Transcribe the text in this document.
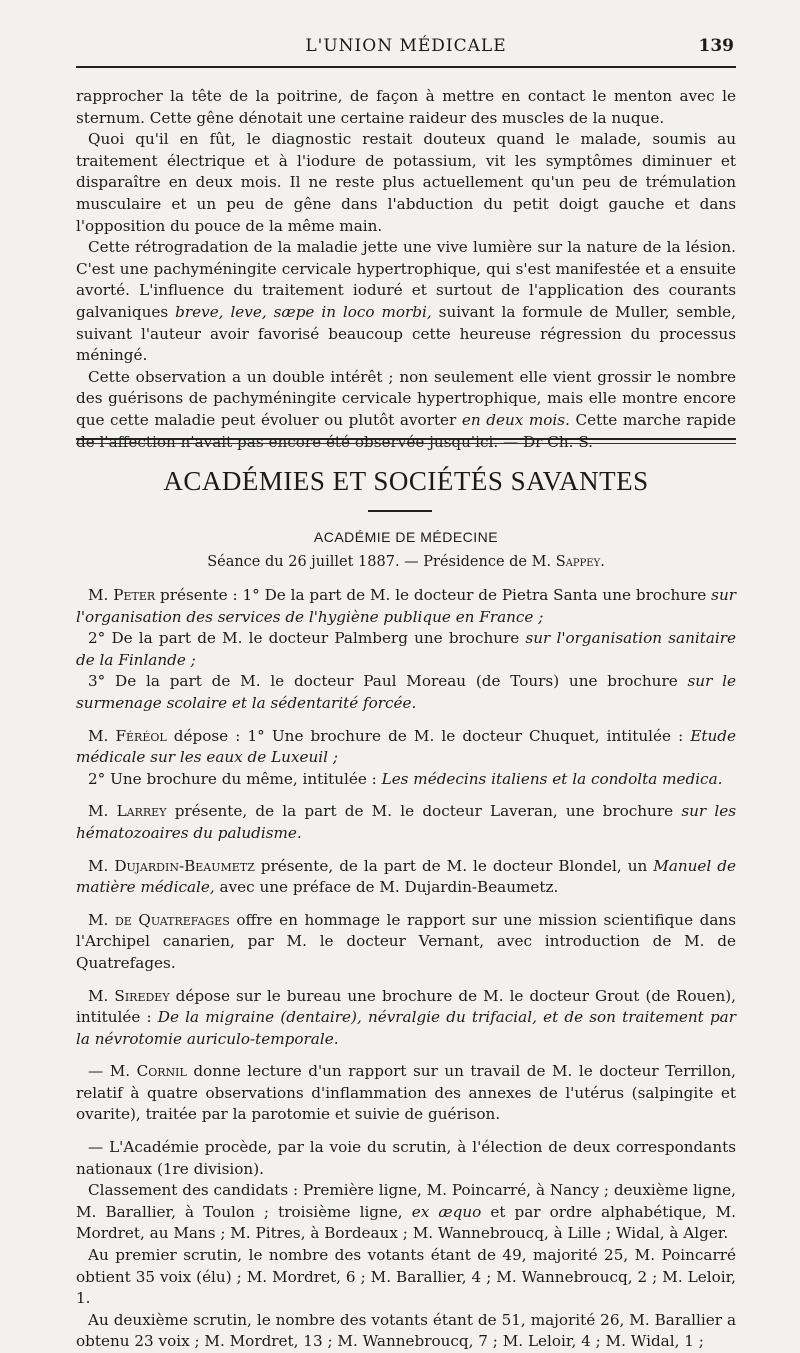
L'UNION MÉDICALE	139

rapprocher la tête de la poitrine, de façon à mettre en contact le menton avec le sternum. Cette gêne dénotait une certaine raideur des muscles de la nuque.

Quoi qu'il en fût, le diagnostic restait douteux quand le malade, soumis au traitement électrique et à l'iodure de potassium, vit les symptômes diminuer et disparaître en deux mois. Il ne reste plus actuellement qu'un peu de trémulation musculaire et un peu de gêne dans l'abduction du petit doigt gauche et dans l'opposition du pouce de la même main.

Cette rétrogradation de la maladie jette une vive lumière sur la nature de la lésion. C'est une pachyméningite cervicale hypertrophique, qui s'est manifestée et a ensuite avorté. L'influence du traitement ioduré et surtout de l'application des courants galvaniques breve, leve, sæpe in loco morbi, suivant la formule de Muller, semble, suivant l'auteur avoir favorisé beaucoup cette heureuse régression du processus méningé.

Cette observation a un double intérêt ; non seulement elle vient grossir le nombre des guérisons de pachyméningite cervicale hypertrophique, mais elle montre encore que cette maladie peut évoluer ou plutôt avorter en deux mois. Cette marche rapide de l'affection n'avait pas encore été observée jusqu'ici. — Dr Ch. S.

ACADÉMIES ET SOCIÉTÉS SAVANTES
ACADÉMIE DE MÉDECINE
Séance du 26 juillet 1887. — Présidence de M. Sappey.

M. Peter présente : 1° De la part de M. le docteur de Pietra Santa une brochure sur l'organisation des services de l'hygiène publique en France ;

2° De la part de M. le docteur Palmberg une brochure sur l'organisation sanitaire de la Finlande ;

3° De la part de M. le docteur Paul Moreau (de Tours) une brochure sur le surmenage scolaire et la sédentarité forcée.

M. Féréol dépose : 1° Une brochure de M. le docteur Chuquet, intitulée : Etude médicale sur les eaux de Luxeuil ;

2° Une brochure du même, intitulée : Les médecins italiens et la condolta medica.

M. Larrey présente, de la part de M. le docteur Laveran, une brochure sur les hématozoaires du paludisme.

M. Dujardin-Beaumetz présente, de la part de M. le docteur Blondel, un Manuel de matière médicale, avec une préface de M. Dujardin-Beaumetz.

M. de Quatrefages offre en hommage le rapport sur une mission scientifique dans l'Archipel canarien, par M. le docteur Vernant, avec introduction de M. de Quatrefages.

M. Siredey dépose sur le bureau une brochure de M. le docteur Grout (de Rouen), intitulée : De la migraine (dentaire), névralgie du trifacial, et de son traitement par la névrotomie auriculo-temporale.

— M. Cornil donne lecture d'un rapport sur un travail de M. le docteur Terrillon, relatif à quatre observations d'inflammation des annexes de l'utérus (salpingite et ovarite), traitée par la parotomie et suivie de guérison.

— L'Académie procède, par la voie du scrutin, à l'élection de deux correspondants nationaux (1re division).

Classement des candidats : Première ligne, M. Poincarré, à Nancy ; deuxième ligne, M. Barallier, à Toulon ; troisième ligne, ex æquo et par ordre alphabétique, M. Mordret, au Mans ; M. Pitres, à Bordeaux ; M. Wannebroucq, à Lille ; Widal, à Alger.

Au premier scrutin, le nombre des votants étant de 49, majorité 25, M. Poincarré obtient 35 voix (élu) ; M. Mordret, 6 ; M. Barallier, 4 ; M. Wannebroucq, 2 ; M. Leloir, 1.

Au deuxième scrutin, le nombre des votants étant de 51, majorité 26, M. Barallier a obtenu 23 voix ; M. Mordret, 13 ; M. Wannebroucq, 7 ; M. Leloir, 4 ; M. Widal, 1 ;
